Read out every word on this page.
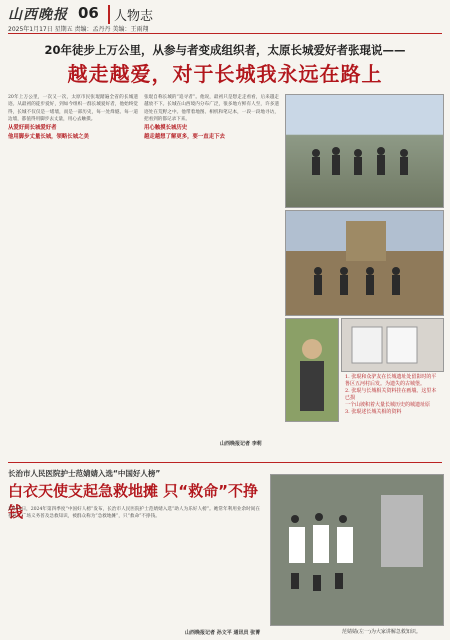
山西晚报 06	人物志
2025年1月17日 星期五 责编：孟丹丹 美编：王雨翔
20年徒步上万公里，从参与者变成组织者，太原长城爱好者张琨说——
越走越爱，对于长城我永远在路上
20年上万公里，一次又一次，太原市民张琨踏遍全省的长城遗迹。从最初的徒步爱好，到如今组织一群长城爱好者，他始终觉得，长城不仅仅是一堵墙，而是一部历史，每一处烽燧、每一道边墙，都值得用脚步去丈量，用心去触摸。
从爱好到长城爱好者
他用脚步丈量长城，领略长城之美
张琨自称长城的“追寻者”。他说，最初只是想走走看看，后来越走越放不下。长城在山西境内分布广泛，很多地方鲜有人至，许多遗迹处在荒野之中。他带着地图、相机和笔记本，一段一段地寻访，把看到的都记录下来。
用心触摸长城历史
越走越想了解更多，要一直走下去
山西晚报记者 李莉
1. 张琨和众驴友在长城遗址处留影时的平鲁区五河村后发。为遗失的古城堡。
2. 张琨与长城相关资料挂在画墙。这里本已损
一个山坡积着大量长城历史的城遗址原
3. 张琨述长城关相的资料
长治市人民医院护士范婧婧入选“中国好人榜”
白衣天使支起急救地摊 只“救命”不挣钱
1月15日，2024年第四季度“中国好人榜”发布，长治市人民医院护士范婧婧入选“助人为乐好人榜”。她常年利用业余时间在社区、广场义务普及急救知识，被群众称为“急救地摊”，只“救命”不挣钱。
山西晚报记者 孙文平 通讯员 张菁	范婧婧(左一)为大家讲解急救知识。
